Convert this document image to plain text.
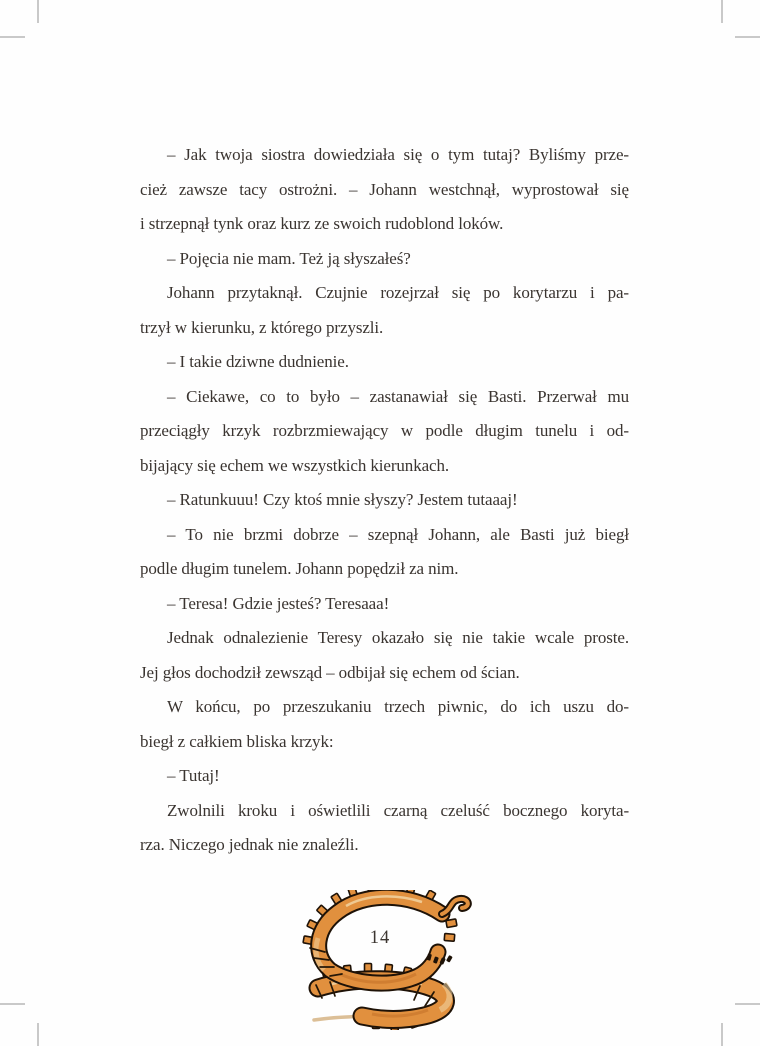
– Jak twoja siostra dowiedziała się o tym tutaj? Byliśmy prze-
cież zawsze tacy ostrożni. – Johann westchnął, wyprostował się
i strzepnął tynk oraz kurz ze swoich rudoblond loków.
– Pojęcia nie mam. Też ją słyszałeś?
Johann przytaknął. Czujnie rozejrzał się po korytarzu i pa-
trzył w kierunku, z którego przyszli.
– I takie dziwne dudnienie.
– Ciekawe, co to było – zastanawiał się Basti. Przerwał mu
przeciągły krzyk rozbrzmiewający w podle długim tunelu i od-
bijający się echem we wszystkich kierunkach.
– Ratunkuuu! Czy ktoś mnie słyszy? Jestem tutaaaj!
– To nie brzmi dobrze – szepnął Johann, ale Basti już biegł
podle długim tunelem. Johann popędził za nim.
– Teresa! Gdzie jesteś? Teresaaa!
Jednak odnalezienie Teresy okazało się nie takie wcale proste.
Jej głos dochodził zewsząd – odbijał się echem od ścian.
W końcu, po przeszukaniu trzech piwnic, do ich uszu do-
biegł z całkiem bliska krzyk:
– Tutaj!
Zwolnili kroku i oświetlili czarną czeluść bocznego koryta-
rza. Niczego jednak nie znaleźli.
14
